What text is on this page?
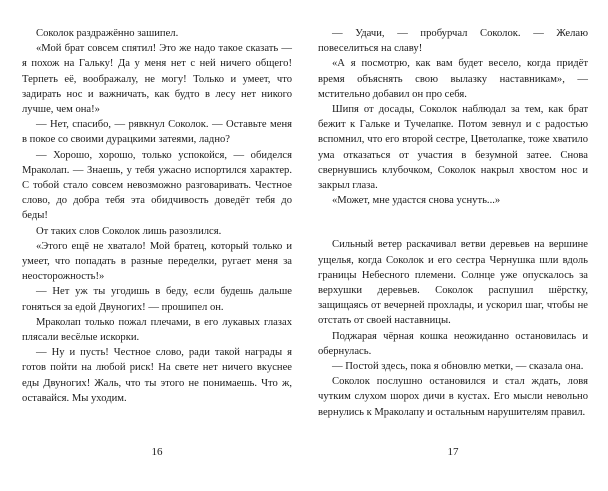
Соколок раздражённо зашипел.

«Мой брат совсем спятил! Это же надо такое сказать — я похож на Гальку! Да у меня нет с ней ничего общего! Терпеть её, воображалу, не могу! Только и умеет, что задирать нос и важничать, как будто в лесу нет никого лучше, чем она!»

— Нет, спасибо, — рявкнул Соколок. — Оставьте меня в покое со своими дурацкими затеями, ладно?

— Хорошо, хорошо, только успокойся, — обиделся Мраколап. — Знаешь, у тебя ужасно испортился характер. С тобой стало совсем невозможно разговаривать. Честное слово, до добра тебя эта обидчивость доведёт тебя до беды!

От таких слов Соколок лишь разозлился.

«Этого ещё не хватало! Мой братец, который только и умеет, что попадать в разные переделки, ругает меня за неосторожность!»

— Нет уж ты угодишь в беду, если будешь дальше гоняться за едой Двуногих! — прошипел он.

Мраколап только пожал плечами, в его лукавых глазах плясали весёлые искорки.

— Ну и пусть! Честное слово, ради такой награды я готов пойти на любой риск! На свете нет ничего вкуснее еды Двуногих! Жаль, что ты этого не понимаешь. Что ж, оставайся. Мы уходим.

16

— Удачи, — пробурчал Соколок. — Желаю повеселиться на славу!

«А я посмотрю, как вам будет весело, когда придёт время объяснять свою вылазку наставникам», — мстительно добавил он про себя.

Шипя от досады, Соколок наблюдал за тем, как брат бежит к Гальке и Тучелапке. Потом зевнул и с радостью вспомнил, что его второй сестре, Цветолапке, тоже хватило ума отказаться от участия в безумной затее. Снова свернувшись клубочком, Соколок накрыл хвостом нос и закрыл глаза.

«Может, мне удастся снова уснуть...»

Сильный ветер раскачивал ветви деревьев на вершине ущелья, когда Соколок и его сестра Чернушка шли вдоль границы Небесного племени. Солнце уже опускалось за верхушки деревьев. Соколок распушил шёрстку, защищаясь от вечерней прохлады, и ускорил шаг, чтобы не отстать от своей наставницы.

Поджарая чёрная кошка неожиданно остановилась и обернулась.

— Постой здесь, пока я обновлю метки, — сказала она.

Соколок послушно остановился и стал ждать, ловя чутким слухом шорох дичи в кустах. Его мысли невольно вернулись к Мраколапу и остальным нарушителям правил.

17
